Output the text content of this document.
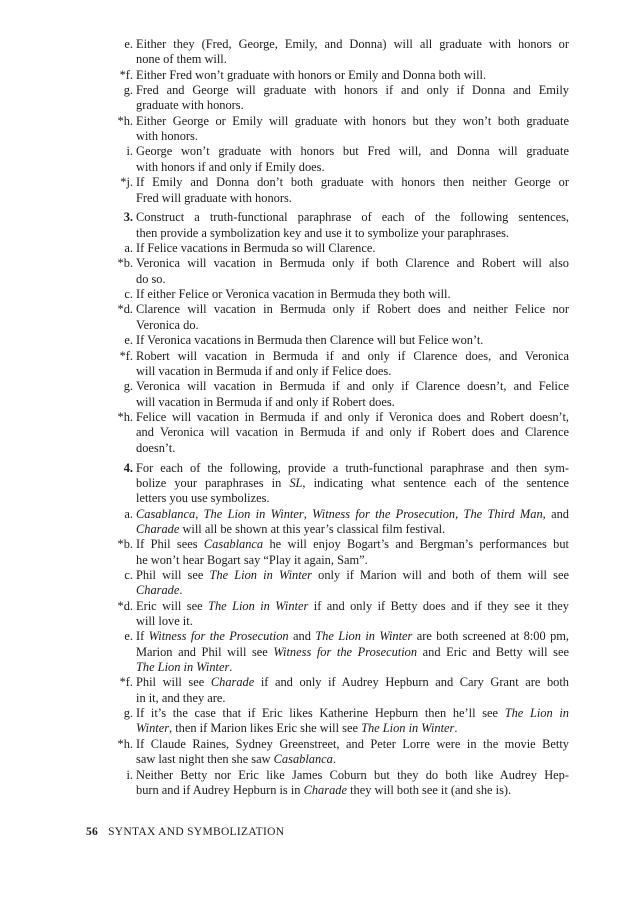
e. Either they (Fred, George, Emily, and Donna) will all graduate with honors or
none of them will.
*f. Either Fred won’t graduate with honors or Emily and Donna both will.
g. Fred and George will graduate with honors if and only if Donna and Emily
graduate with honors.
*h. Either George or Emily will graduate with honors but they won’t both graduate
with honors.
i. George won’t graduate with honors but Fred will, and Donna will graduate
with honors if and only if Emily does.
*j. If Emily and Donna don’t both graduate with honors then neither George or
Fred will graduate with honors.
3. Construct a truth-functional paraphrase of each of the following sentences,
then provide a symbolization key and use it to symbolize your paraphrases.
a. If Felice vacations in Bermuda so will Clarence.
*b. Veronica will vacation in Bermuda only if both Clarence and Robert will also
do so.
c. If either Felice or Veronica vacation in Bermuda they both will.
*d. Clarence will vacation in Bermuda only if Robert does and neither Felice nor
Veronica do.
e. If Veronica vacations in Bermuda then Clarence will but Felice won’t.
*f. Robert will vacation in Bermuda if and only if Clarence does, and Veronica
will vacation in Bermuda if and only if Felice does.
g. Veronica will vacation in Bermuda if and only if Clarence doesn’t, and Felice
will vacation in Bermuda if and only if Robert does.
*h. Felice will vacation in Bermuda if and only if Veronica does and Robert doesn’t,
and Veronica will vacation in Bermuda if and only if Robert does and Clarence
doesn’t.
4. For each of the following, provide a truth-functional paraphrase and then sym-
bolize your paraphrases in SL, indicating what sentence each of the sentence
letters you use symbolizes.
a. Casablanca, The Lion in Winter, Witness for the Prosecution, The Third Man, and
Charade will all be shown at this year’s classical film festival.
*b. If Phil sees Casablanca he will enjoy Bogart’s and Bergman’s performances but
he won’t hear Bogart say “Play it again, Sam”.
c. Phil will see The Lion in Winter only if Marion will and both of them will see
Charade.
*d. Eric will see The Lion in Winter if and only if Betty does and if they see it they
will love it.
e. If Witness for the Prosecution and The Lion in Winter are both screened at 8:00 pm,
Marion and Phil will see Witness for the Prosecution and Eric and Betty will see
The Lion in Winter.
*f. Phil will see Charade if and only if Audrey Hepburn and Cary Grant are both
in it, and they are.
g. If it’s the case that if Eric likes Katherine Hepburn then he’ll see The Lion in
Winter, then if Marion likes Eric she will see The Lion in Winter.
*h. If Claude Raines, Sydney Greenstreet, and Peter Lorre were in the movie Betty
saw last night then she saw Casablanca.
i. Neither Betty nor Eric like James Coburn but they do both like Audrey Hep-
burn and if Audrey Hepburn is in Charade they will both see it (and she is).
56 SYNTAX AND SYMBOLIZATION
